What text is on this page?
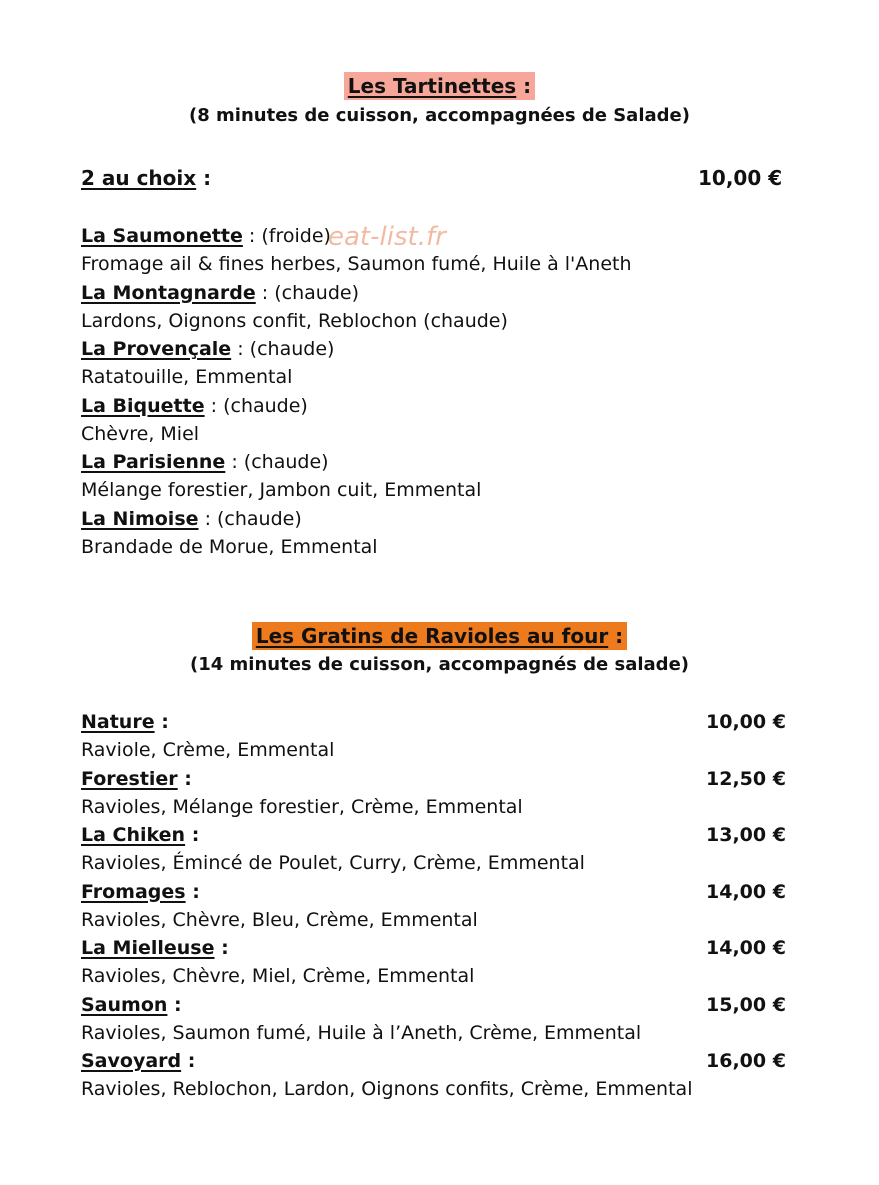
Les Tartinettes :
(8 minutes de cuisson, accompagnées de Salade)
2 au choix :	10,00 €
eat-list.fr
La Saumonette : (froide)
Fromage ail & fines herbes, Saumon fumé, Huile à l'Aneth
La Montagnarde : (chaude)
Lardons, Oignons confit, Reblochon (chaude)
La Provençale : (chaude)
Ratatouille, Emmental
La Biquette : (chaude)
Chèvre, Miel
La Parisienne : (chaude)
Mélange forestier, Jambon cuit, Emmental
La Nimoise : (chaude)
Brandade de Morue, Emmental
Les Gratins de Ravioles au four :
(14 minutes de cuisson, accompagnés de salade)
Nature :	10,00 €
Raviole, Crème, Emmental
Forestier :	12,50 €
Ravioles, Mélange forestier, Crème, Emmental
La Chiken :	13,00 €
Ravioles, Émincé de Poulet, Curry, Crème, Emmental
Fromages :	14,00 €
Ravioles, Chèvre, Bleu, Crème, Emmental
La Mielleuse :	14,00 €
Ravioles, Chèvre, Miel, Crème, Emmental
Saumon :	15,00 €
Ravioles, Saumon fumé, Huile à l’Aneth, Crème, Emmental
Savoyard :	16,00 €
Ravioles, Reblochon, Lardon, Oignons confits, Crème, Emmental
